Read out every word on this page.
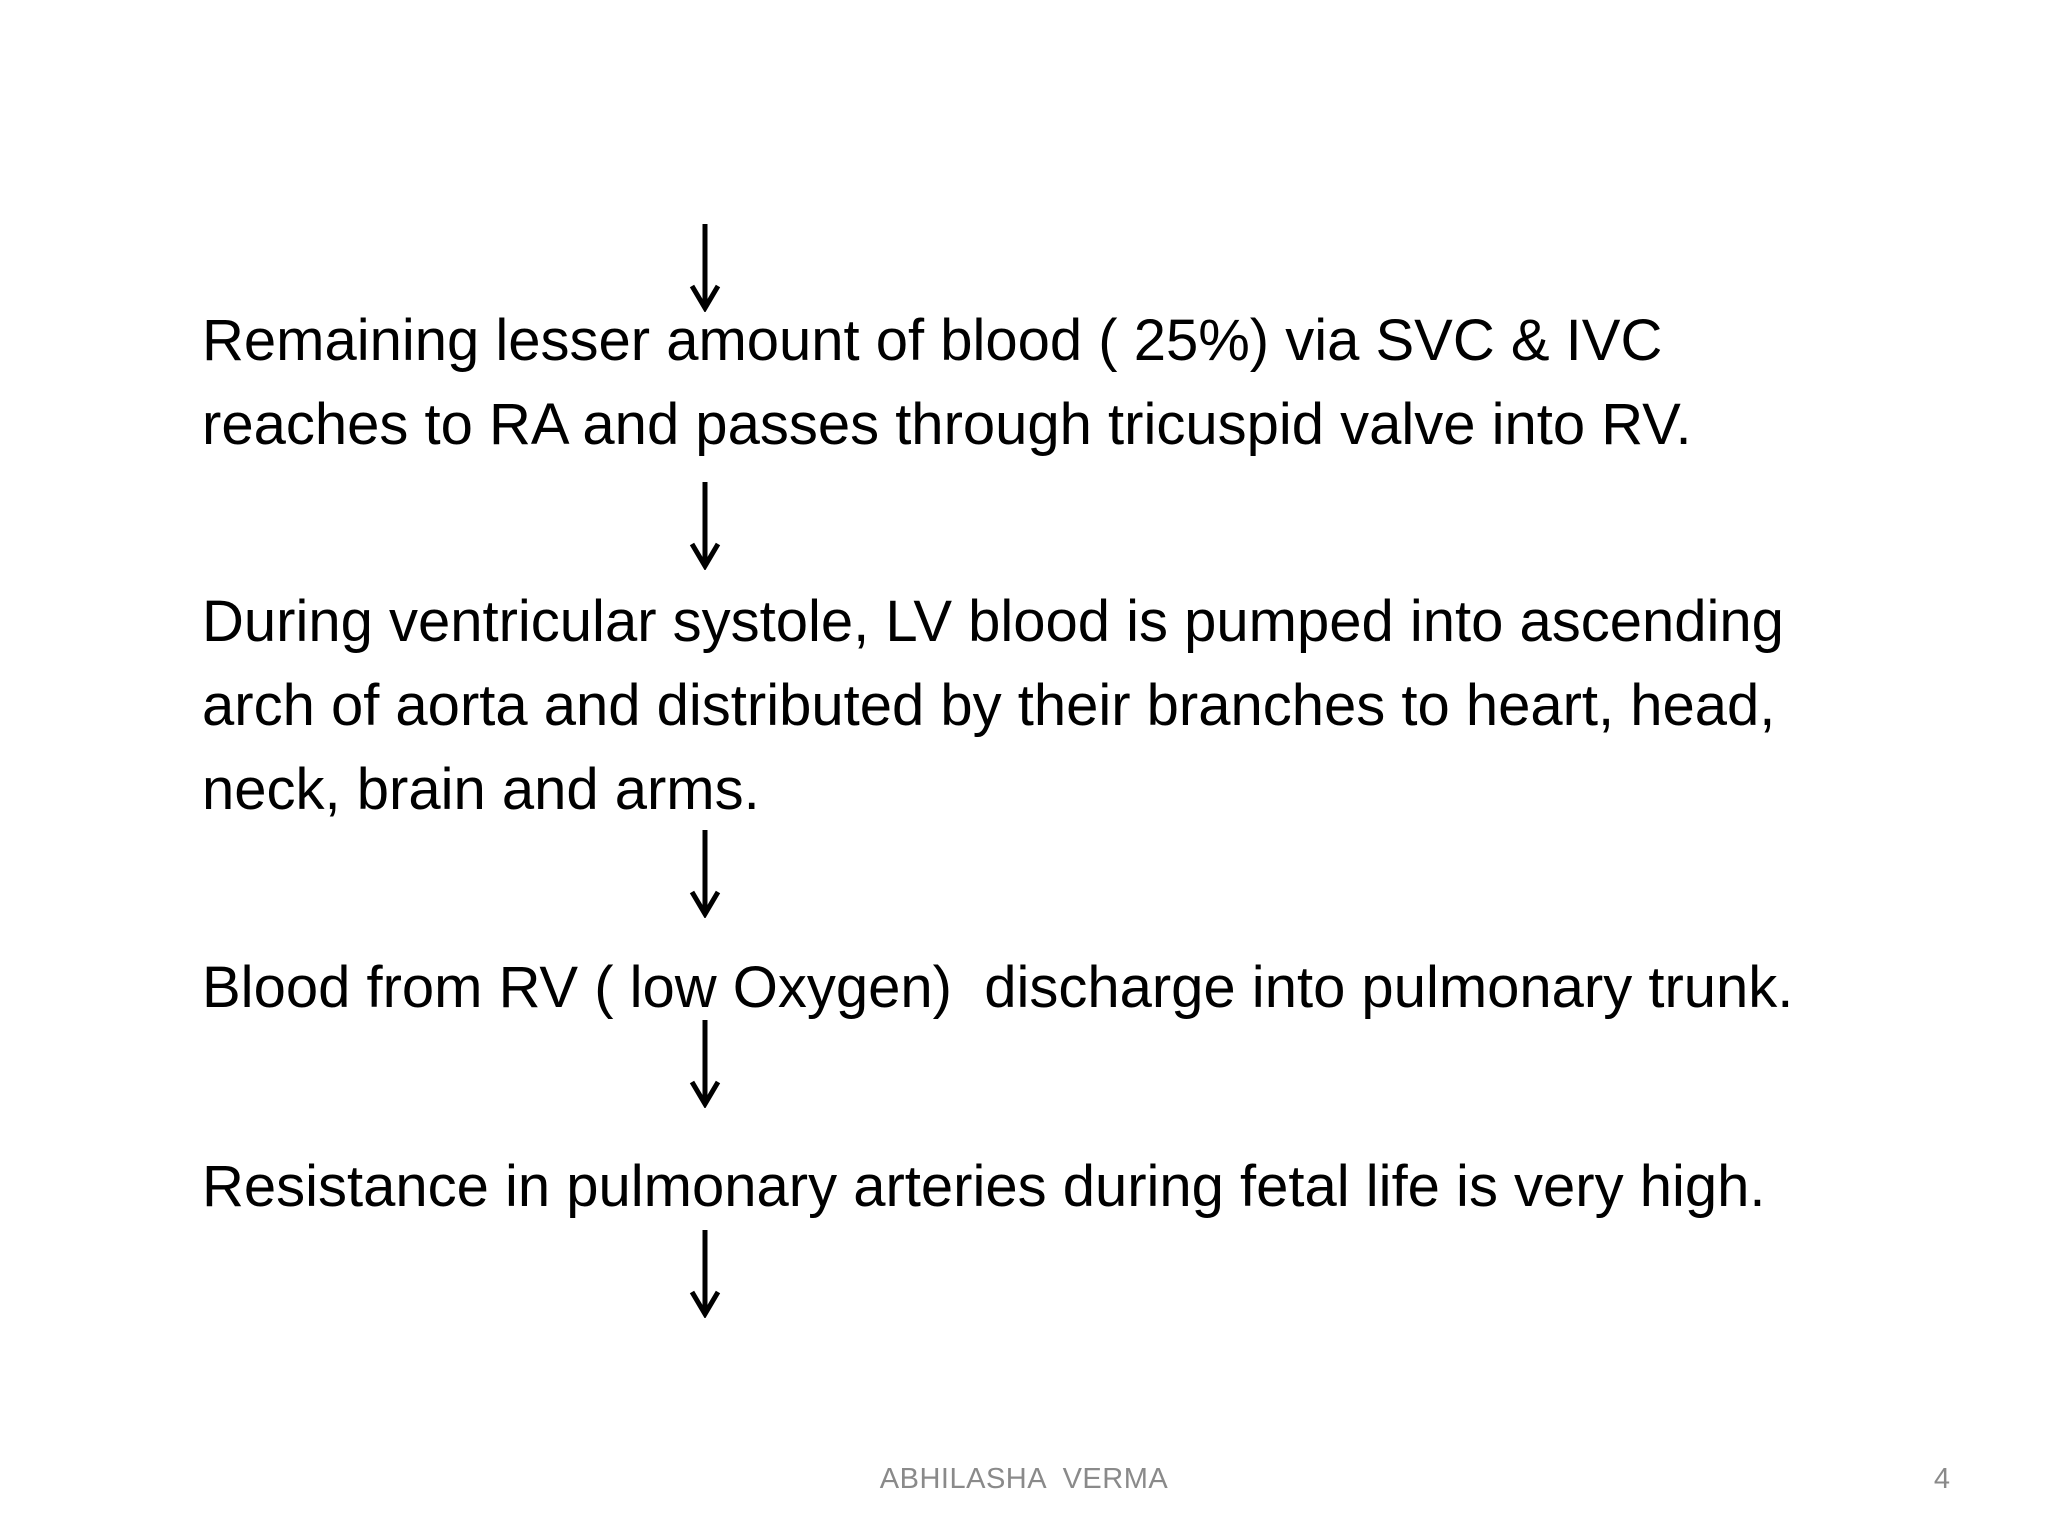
Remaining lesser amount of blood ( 25%) via SVC & IVC
reaches to RA and passes through tricuspid valve into RV.
During ventricular systole, LV blood is pumped into ascending
arch of aorta and distributed by their branches to heart, head,
neck, brain and arms.
Blood from RV ( low Oxygen)  discharge into pulmonary trunk.
Resistance in pulmonary arteries during fetal life is very high.
ABHILASHA  VERMA	4
